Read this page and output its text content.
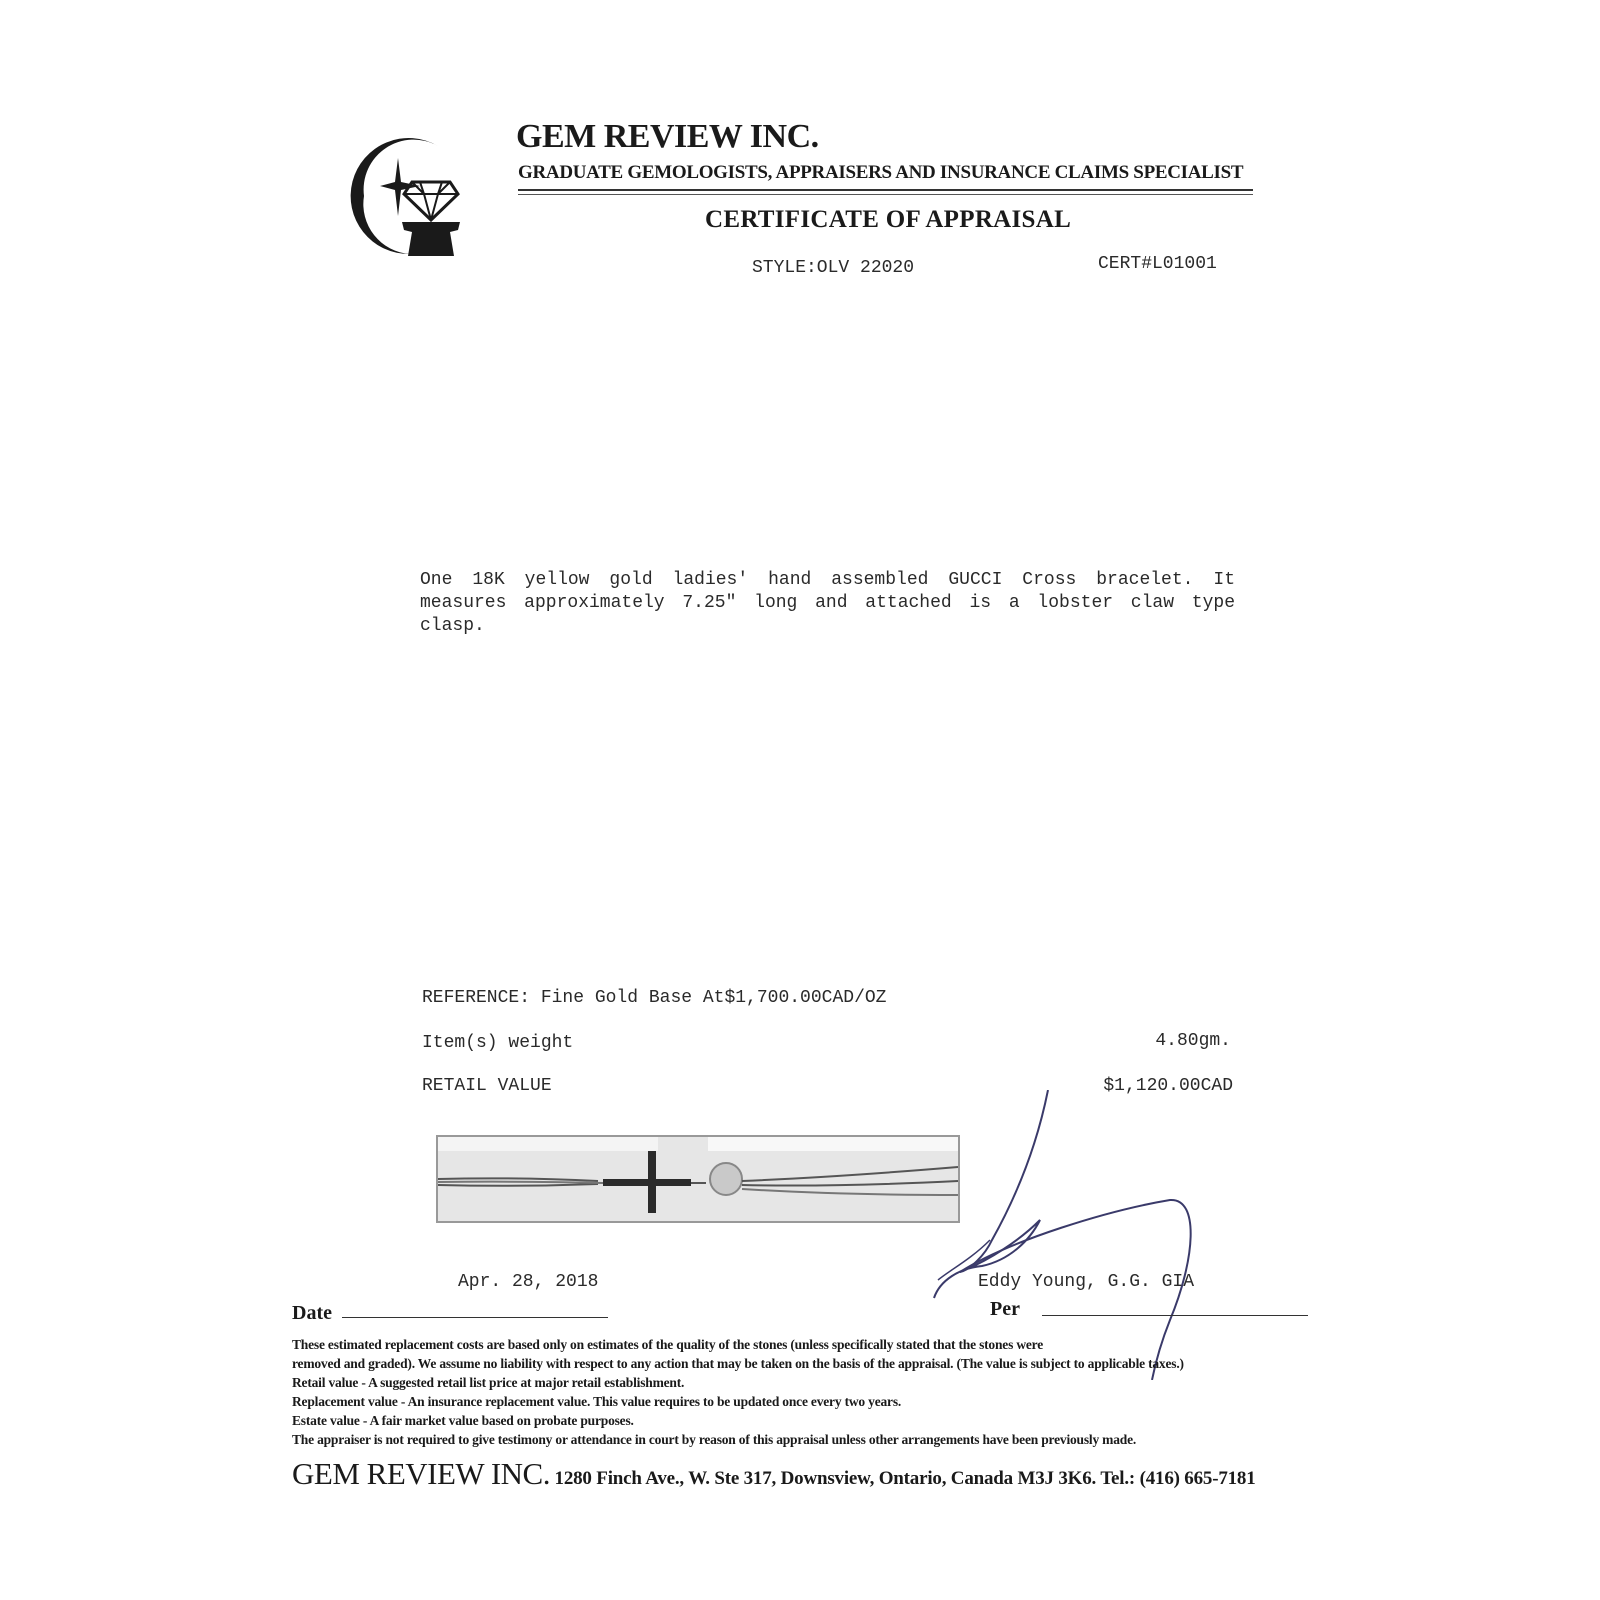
GEM REVIEW INC.
GRADUATE GEMOLOGISTS, APPRAISERS AND INSURANCE CLAIMS SPECIALIST
CERTIFICATE OF APPRAISAL
STYLE:OLV 22020	CERT#L01001

One 18K yellow gold ladies' hand assembled GUCCI Cross bracelet. It measures approximately 7.25" long and attached is a lobster claw type clasp.

REFERENCE: Fine Gold Base At$1,700.00CAD/OZ
Item(s) weight	4.80gm.
RETAIL VALUE	$1,120.00CAD
Apr. 28, 2018
Date
Eddy Young, G.G. GIA
Per
These estimated replacement costs are based only on estimates of the quality of the stones (unless specifically stated that the stones were
removed and graded). We assume no liability with respect to any action that may be taken on the basis of the appraisal. (The value is subject to applicable taxes.)
Retail value - A suggested retail list price at major retail establishment.
Replacement value - An insurance replacement value. This value requires to be updated once every two years.
Estate value - A fair market value based on probate purposes.
The appraiser is not required to give testimony or attendance in court by reason of this appraisal unless other arrangements have been previously made.
GEM REVIEW INC. 1280 Finch Ave., W. Ste 317, Downsview, Ontario, Canada M3J 3K6. Tel.: (416) 665-7181
